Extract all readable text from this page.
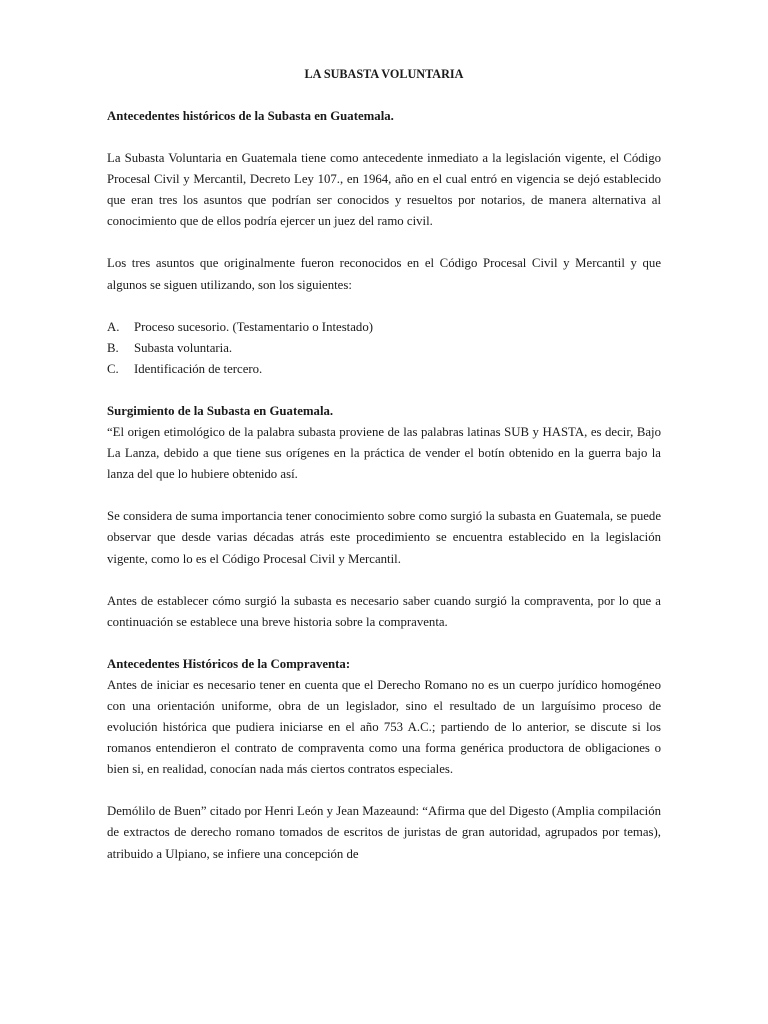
LA SUBASTA VOLUNTARIA

Antecedentes históricos de la Subasta en Guatemala.

La Subasta Voluntaria en Guatemala tiene como antecedente inmediato a la legislación vigente, el Código Procesal Civil y Mercantil, Decreto Ley 107., en 1964, año en el cual entró en vigencia se dejó establecido que eran tres los asuntos que podrían ser conocidos y resueltos por notarios, de manera alternativa al conocimiento que de ellos podría ejercer un juez del ramo civil.

Los tres asuntos que originalmente fueron reconocidos en el Código Procesal Civil y Mercantil y que algunos se siguen utilizando, son los siguientes:

A.	Proceso sucesorio. (Testamentario o Intestado)
B.	Subasta voluntaria.
C.	Identificación de tercero.

Surgimiento de la Subasta en Guatemala.

“El origen etimológico de la palabra subasta proviene de las palabras latinas SUB y HASTA, es decir, Bajo La Lanza, debido a que tiene sus orígenes en la práctica de vender el botín obtenido en la guerra bajo la lanza del que lo hubiere obtenido así.

Se considera de suma importancia tener conocimiento sobre como surgió la subasta en Guatemala, se puede observar que desde varias décadas atrás este procedimiento se encuentra establecido en la legislación vigente, como lo es el Código Procesal Civil y Mercantil.

Antes de establecer cómo surgió la subasta es necesario saber cuando surgió la compraventa, por lo que a continuación se establece una breve historia sobre la compraventa.

Antecedentes Históricos de la Compraventa:

Antes de iniciar es necesario tener en cuenta que el Derecho Romano no es un cuerpo jurídico homogéneo con una orientación uniforme, obra de un legislador, sino el resultado de un larguísimo proceso de evolución histórica que pudiera iniciarse en el año 753 A.C.; partiendo de lo anterior, se discute si los romanos entendieron el contrato de compraventa como una forma genérica productora de obligaciones o bien si, en realidad, conocían nada más ciertos contratos especiales.

Demólilo de Buen” citado por Henri León y Jean Mazeaund: “Afirma que del Digesto (Amplia compilación de extractos de derecho romano tomados de escritos de juristas de gran autoridad, agrupados por temas), atribuido a Ulpiano, se infiere una concepción de
